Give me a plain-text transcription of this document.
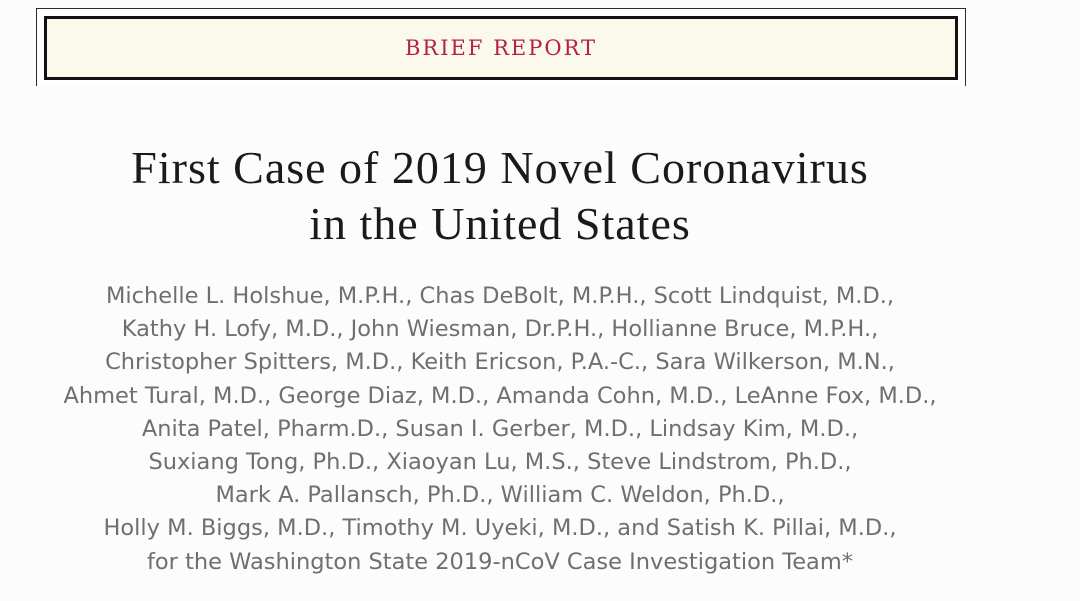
BRIEF REPORT
First Case of 2019 Novel Coronavirus
in the United States
Michelle L. Holshue, M.P.H., Chas DeBolt, M.P.H., Scott Lindquist, M.D.,
Kathy H. Lofy, M.D., John Wiesman, Dr.P.H., Hollianne Bruce, M.P.H.,
Christopher Spitters, M.D., Keith Ericson, P.A.-C., Sara Wilkerson, M.N.,
Ahmet Tural, M.D., George Diaz, M.D., Amanda Cohn, M.D., LeAnne Fox, M.D.,
Anita Patel, Pharm.D., Susan I. Gerber, M.D., Lindsay Kim, M.D.,
Suxiang Tong, Ph.D., Xiaoyan Lu, M.S., Steve Lindstrom, Ph.D.,
Mark A. Pallansch, Ph.D., William C. Weldon, Ph.D.,
Holly M. Biggs, M.D., Timothy M. Uyeki, M.D., and Satish K. Pillai, M.D.,
for the Washington State 2019-nCoV Case Investigation Team*
